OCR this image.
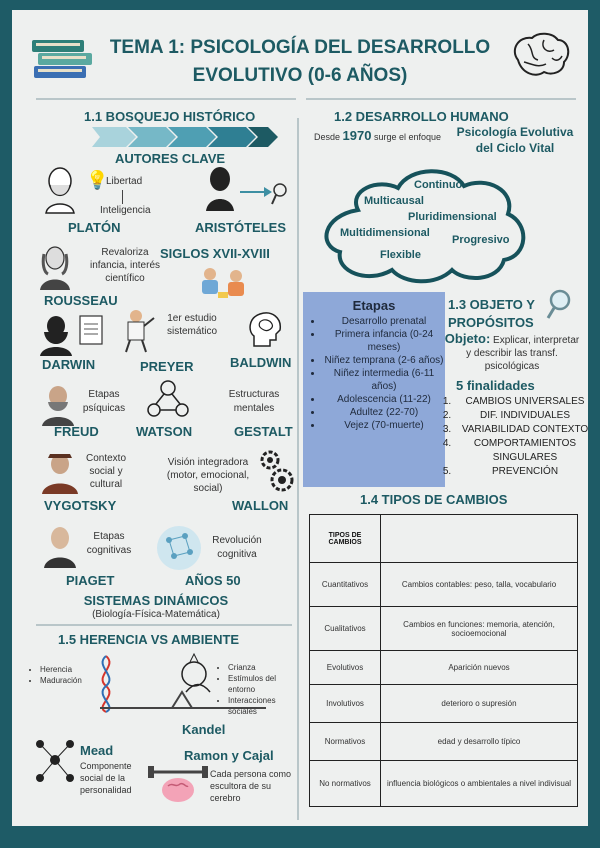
TEMA 1: PSICOLOGÍA DEL DESARROLLO
EVOLUTIVO (0-6 AÑOS)
1.1 BOSQUEJO HISTÓRICO
AUTORES CLAVE
💡
Libertad
Inteligencia
PLATÓN	ARISTÓTELES
Revaloriza infancia, interés científico
SIGLOS XVII-XVIII
ROUSSEAU
1er estudio sistemático
DARWIN	PREYER	BALDWIN
Etapas psíquicas
Estructuras mentales
FREUD	WATSON	GESTALT
Contexto social y cultural
Visión integradora (motor, emocional, social)
VYGOTSKY	WALLON
Etapas cognitivas
Revolución cognitiva
PIAGET	AÑOS 50
SISTEMAS DINÁMICOS
(Biología-Física-Matemática)
1.5 HERENCIA VS AMBIENTE
• Herencia
• Maduración
• Crianza
• Estímulos del entorno
• Interacciones sociales
Kandel
Mead
Componente social de la personalidad
Ramon y Cajal
Cada persona como escultora de su cerebro
1.2 DESARROLLO HUMANO
Desde 1970 surge el enfoque	Psicología Evolutiva del Ciclo Vital
Continuo
Multicausal
Pluridimensional
Multidimensional
Progresivo
Flexible
Etapas
• Desarrollo prenatal
• Primera infancia (0-24 meses)
• Niñez temprana (2-6 años)
• Niñez intermedia (6-11 años)
• Adolescencia (11-22)
• Adultez (22-70)
• Vejez (70-muerte)
1.3 OBJETO Y PROPÓSITOS
Objeto: Explicar, interpretar y describir las transf. psicológicas
5 finalidades
1. CAMBIOS UNIVERSALES
2. DIF. INDIVIDUALES
3. VARIABILIDAD CONTEXTO
4. COMPORTAMIENTOS SINGULARES
5. PREVENCIÓN
1.4 TIPOS DE CAMBIOS
TIPOS DE CAMBIOS	
Cuantitativos	Cambios contables: peso, talla, vocabulario
Cualitativos	Cambios en funciones: memoria, atención, socioemocional
Evolutivos	Aparición nuevos
Involutivos	deterioro o supresión
Normativos	edad y desarrollo típico
No normativos	influencia biológicos o ambientales a nivel indivisual
